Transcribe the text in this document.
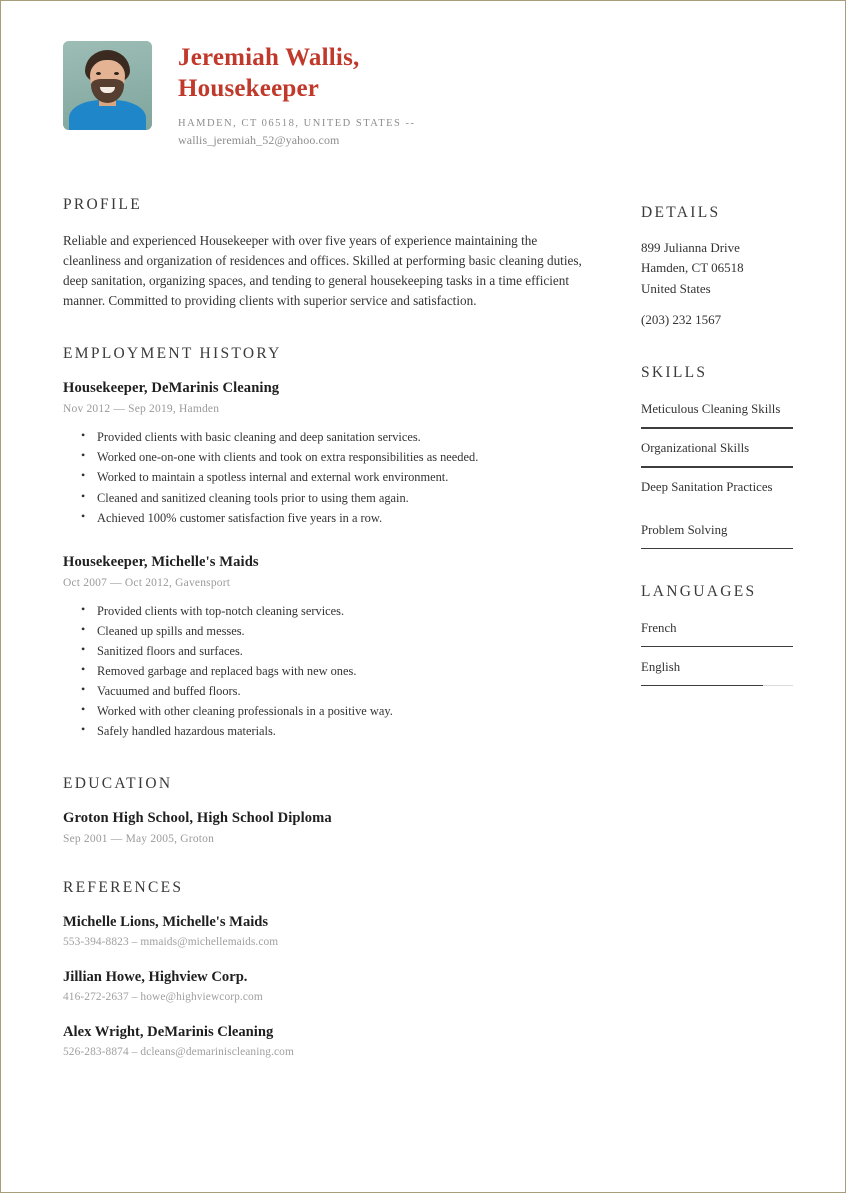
Jeremiah Wallis,
Housekeeper
HAMDEN, CT 06518, UNITED STATES --
wallis_jeremiah_52@yahoo.com
PROFILE

Reliable and experienced Housekeeper with over five years of experience maintaining the cleanliness and organization of residences and offices. Skilled at performing basic cleaning duties, deep sanitation, organizing spaces, and tending to general housekeeping tasks in a time efficient manner. Committed to providing clients with superior service and satisfaction.

EMPLOYMENT HISTORY
Housekeeper, DeMarinis Cleaning
Nov 2012 — Sep 2019, Hamden
• Provided clients with basic cleaning and deep sanitation services.
• Worked one-on-one with clients and took on extra responsibilities as needed.
• Worked to maintain a spotless internal and external work environment.
• Cleaned and sanitized cleaning tools prior to using them again.
• Achieved 100% customer satisfaction five years in a row.
Housekeeper, Michelle's Maids
Oct 2007 — Oct 2012, Gavensport
• Provided clients with top-notch cleaning services.
• Cleaned up spills and messes.
• Sanitized floors and surfaces.
• Removed garbage and replaced bags with new ones.
• Vacuumed and buffed floors.
• Worked with other cleaning professionals in a positive way.
• Safely handled hazardous materials.
EDUCATION
Groton High School, High School Diploma
Sep 2001 — May 2005, Groton
REFERENCES
Michelle Lions, Michelle's Maids
553-394-8823 – mmaids@michellemaids.com
Jillian Howe, Highview Corp.
416-272-2637 – howe@highviewcorp.com
Alex Wright, DeMarinis Cleaning
526-283-8874 – dcleans@demariniscleaning.com
DETAILS
899 Julianna Drive
Hamden, CT 06518
United States
(203) 232 1567
SKILLS
Meticulous Cleaning Skills
Organizational Skills
Deep Sanitation Practices
Problem Solving
LANGUAGES
French
English
